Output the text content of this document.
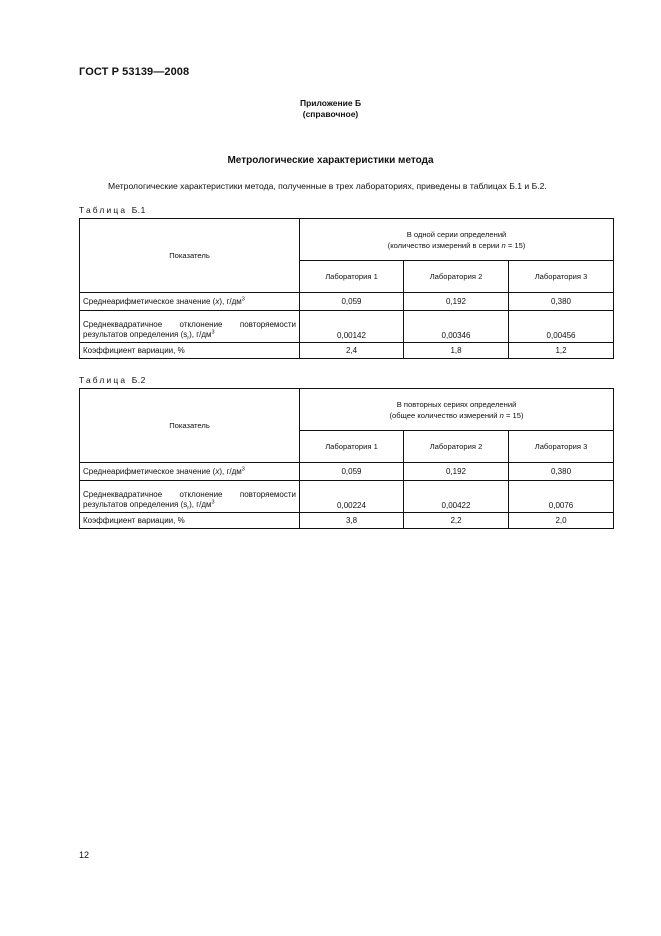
ГОСТ Р 53139—2008
Приложение Б
(справочное)
Метрологические характеристики метода
Метрологические характеристики метода, полученные в трех лабораториях, приведены в таблицах Б.1 и Б.2.
Таблица Б.1
Показатель	В одной серии определений
(количество измерений в серии n = 15)		

	Лаборатория 1	Лаборатория 2	Лаборатория 3
Среднеарифметическое значение (x), $г/дм^3$	0,059	0,192	0,380
Среднеквадратичное отклонение повторяемости результатов определения $(s_r)$, $г/дм^3$	0,00142	0,00346	0,00456
Коэффициент вариации, %	2,4	1,8	1,2
Таблица Б.2
Показатель	В повторных сериях определений
(общее количество измерений n = 15)		

	Лаборатория 1	Лаборатория 2	Лаборатория 3
Среднеарифметическое значение (x), $г/дм^3$	0,059	0,192	0,380
Среднеквадратичное отклонение повторяемости результатов определения $(s_r)$, $г/дм^3$	0,00224	0,00422	0,0076
Коэффициент вариации, %	3,8	2,2	2,0
12
